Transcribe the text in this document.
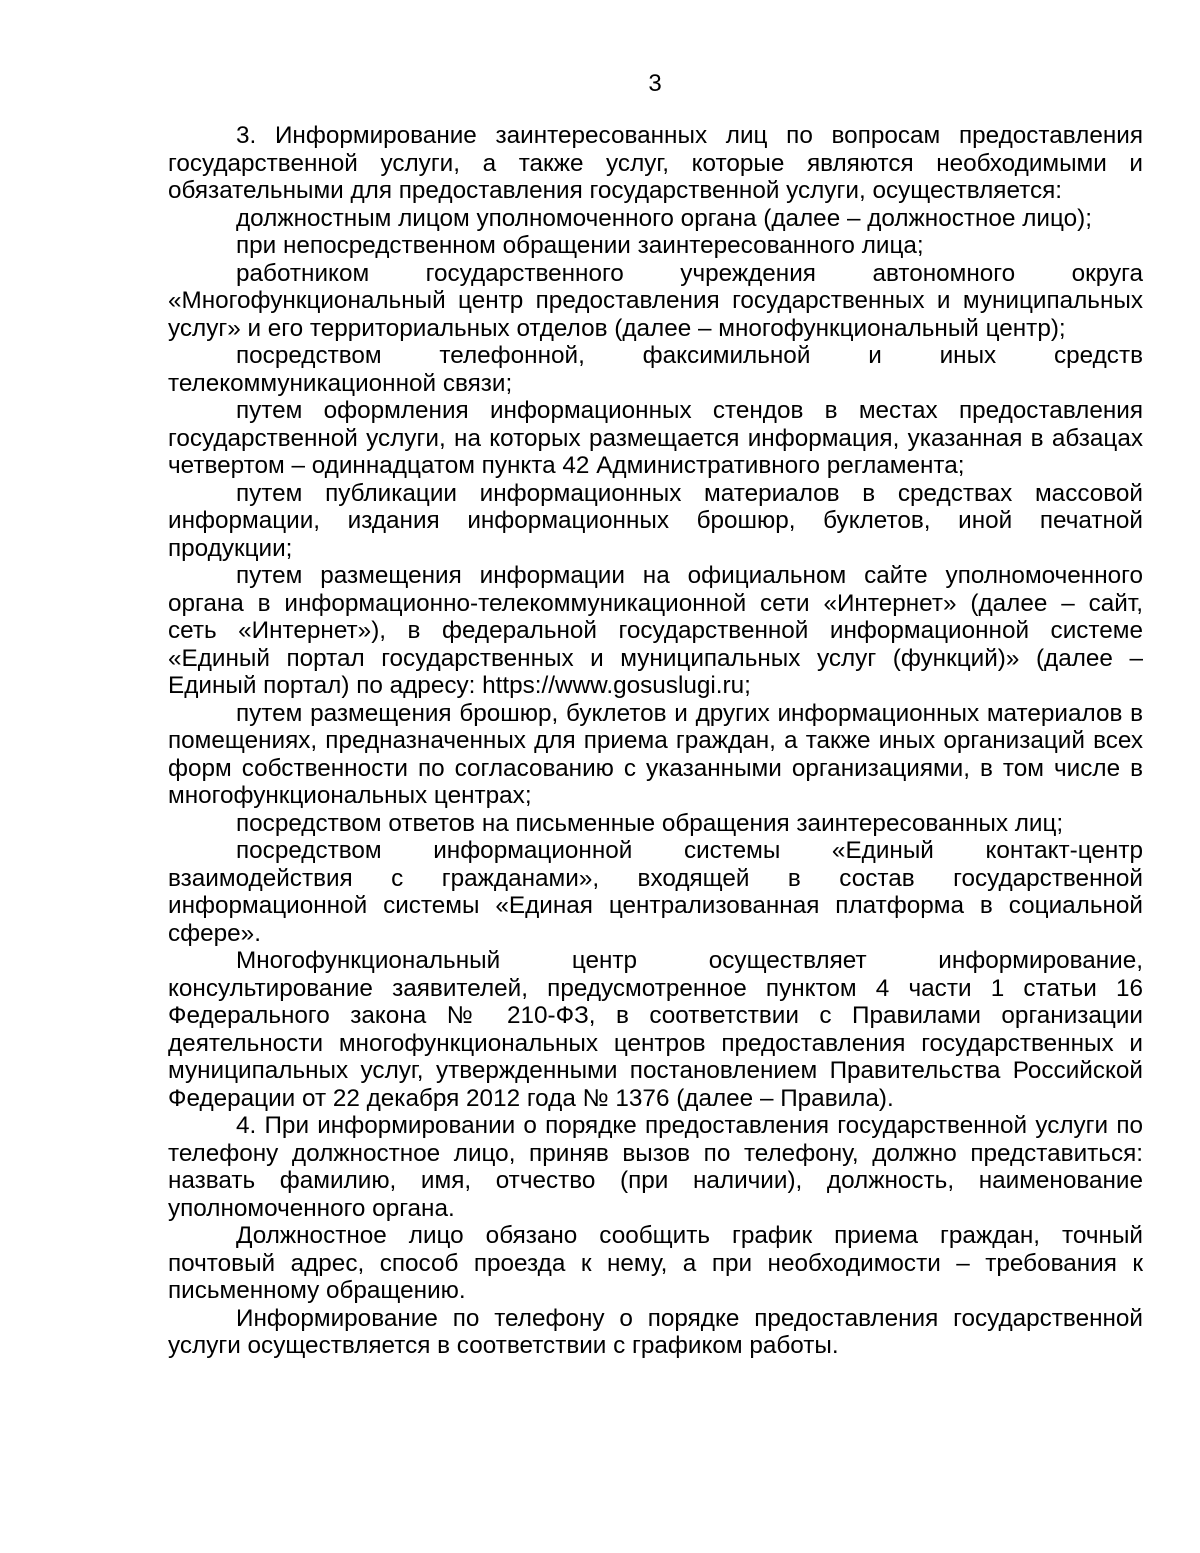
3

3. Информирование заинтересованных лиц по вопросам предоставления государственной услуги, а также услуг, которые являются необходимыми и обязательными для предоставления государственной услуги, осуществляется:

должностным лицом уполномоченного органа (далее – должностное лицо);

при непосредственном обращении заинтересованного лица;

работником государственного учреждения автономного округа «Многофункциональный центр предоставления государственных и муниципальных услуг» и его территориальных отделов (далее – многофункциональный центр);

посредством телефонной, факсимильной и иных средств телекоммуникационной связи;

путем оформления информационных стендов в местах предоставления государственной услуги, на которых размещается информация, указанная в абзацах четвертом – одиннадцатом пункта 42 Административного регламента;

путем публикации информационных материалов в средствах массовой информации, издания информационных брошюр, буклетов, иной печатной продукции;

путем размещения информации на официальном сайте уполномоченного органа в информационно-телекоммуникационной сети «Интернет» (далее – сайт, сеть «Интернет»), в федеральной государственной информационной системе «Единый портал государственных и муниципальных услуг (функций)» (далее – Единый портал) по адресу: https://www.gosuslugi.ru;

путем размещения брошюр, буклетов и других информационных материалов в помещениях, предназначенных для приема граждан, а также иных организаций всех форм собственности по согласованию с указанными организациями, в том числе в многофункциональных центрах;

посредством ответов на письменные обращения заинтересованных лиц;

посредством информационной системы «Единый контакт-центр взаимодействия с гражданами», входящей в состав государственной информационной системы «Единая централизованная платформа в социальной сфере».

Многофункциональный центр осуществляет информирование, консультирование заявителей, предусмотренное пунктом 4 части 1 статьи 16 Федерального закона № 210-ФЗ, в соответствии с Правилами организации деятельности многофункциональных центров предоставления государственных и муниципальных услуг, утвержденными постановлением Правительства Российской Федерации от 22 декабря 2012 года № 1376 (далее – Правила).

4. При информировании о порядке предоставления государственной услуги по телефону должностное лицо, приняв вызов по телефону, должно представиться: назвать фамилию, имя, отчество (при наличии), должность, наименование уполномоченного органа.

Должностное лицо обязано сообщить график приема граждан, точный почтовый адрес, способ проезда к нему, а при необходимости – требования к письменному обращению.

Информирование по телефону о порядке предоставления государственной услуги осуществляется в соответствии с графиком работы.
